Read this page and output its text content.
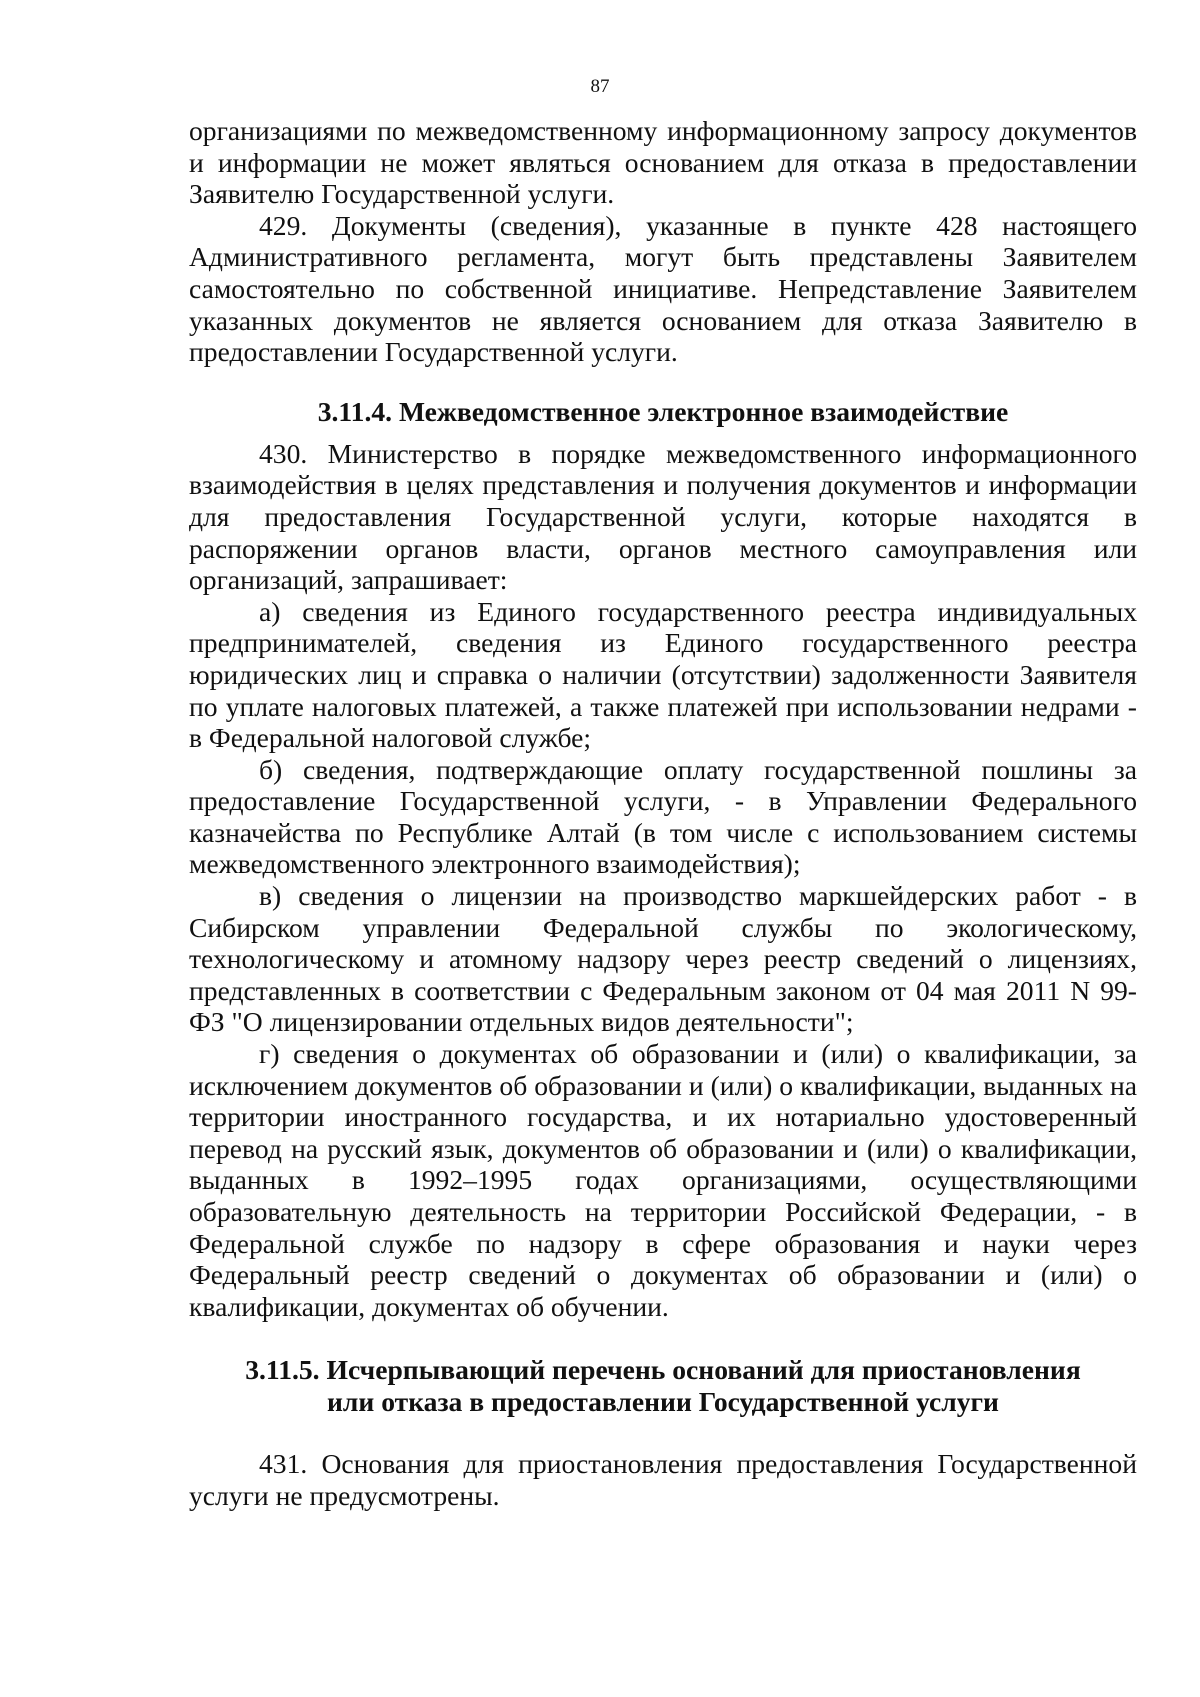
87

организациями по межведомственному информационному запросу документов и информации не может являться основанием для отказа в предоставлении Заявителю Государственной услуги.

429. Документы (сведения), указанные в пункте 428 настоящего Административного регламента, могут быть представлены Заявителем самостоятельно по собственной инициативе. Непредставление Заявителем указанных документов не является основанием для отказа Заявителю в предоставлении Государственной услуги.

3.11.4. Межведомственное электронное взаимодействие

430. Министерство в порядке межведомственного информационного взаимодействия в целях представления и получения документов и информации для предоставления Государственной услуги, которые находятся в распоряжении органов власти, органов местного самоуправления или организаций, запрашивает:

а) сведения из Единого государственного реестра индивидуальных предпринимателей, сведения из Единого государственного реестра юридических лиц и справка о наличии (отсутствии) задолженности Заявителя по уплате налоговых платежей, а также платежей при использовании недрами - в Федеральной налоговой службе;

б) сведения, подтверждающие оплату государственной пошлины за предоставление Государственной услуги, - в Управлении Федерального казначейства по Республике Алтай (в том числе с использованием системы межведомственного электронного взаимодействия);

в) сведения о лицензии на производство маркшейдерских работ - в Сибирском управлении Федеральной службы по экологическому, технологическому и атомному надзору через реестр сведений о лицензиях, представленных в соответствии с Федеральным законом от 04 мая 2011 N 99-ФЗ "О лицензировании отдельных видов деятельности";

г) сведения о документах об образовании и (или) о квалификации, за исключением документов об образовании и (или) о квалификации, выданных на территории иностранного государства, и их нотариально удостоверенный перевод на русский язык, документов об образовании и (или) о квалификации, выданных в 1992–1995 годах организациями, осуществляющими образовательную деятельность на территории Российской Федерации, - в Федеральной службе по надзору в сфере образования и науки через Федеральный реестр сведений о документах об образовании и (или) о квалификации, документах об обучении.

3.11.5. Исчерпывающий перечень оснований для приостановления
или отказа в предоставлении Государственной услуги

431. Основания для приостановления предоставления Государственной услуги не предусмотрены.
